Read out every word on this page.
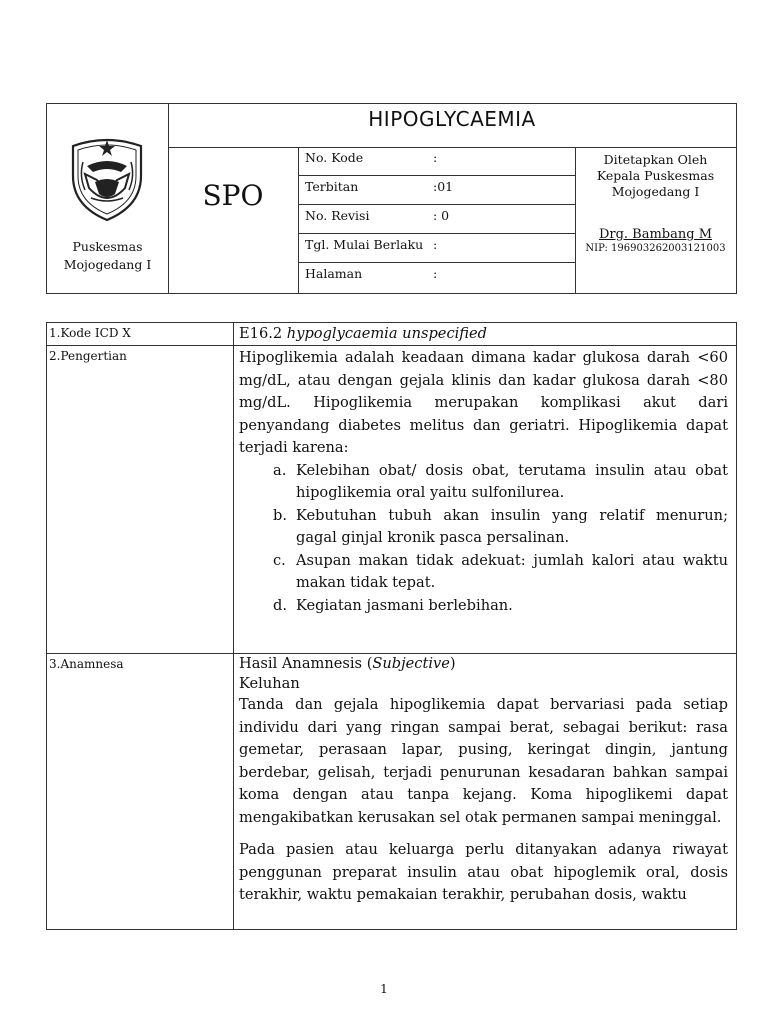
Puskesmas
Mojogedang I
HIPOGLYCAEMIA
SPO
No. Kode	:
Terbitan	:01
No. Revisi	: 0
Tgl. Mulai Berlaku :
Halaman	:
Ditetapkan Oleh
Kepala Puskesmas
Mojogedang I
Drg. Bambang M
NIP: 196903262003121003
1.Kode ICD X	E16.2 hypoglycaemia unspecified
2.Pengertian	Hipoglikemia adalah keadaan dimana kadar glukosa darah <60 mg/dL, atau dengan gejala klinis dan kadar glukosa darah <80 mg/dL. Hipoglikemia merupakan komplikasi akut dari penyandang diabetes melitus dan geriatri. Hipoglikemia dapat terjadi karena:
a. Kelebihan obat/ dosis obat, terutama insulin atau obat hipoglikemia oral yaitu sulfonilurea.
b. Kebutuhan tubuh akan insulin yang relatif menurun; gagal ginjal kronik pasca persalinan.
c. Asupan makan tidak adekuat: jumlah kalori atau waktu makan tidak tepat.
d. Kegiatan jasmani berlebihan.
3.Anamnesa	Hasil Anamnesis (Subjective)
Keluhan
Tanda dan gejala hipoglikemia dapat bervariasi pada setiap individu dari yang ringan sampai berat, sebagai berikut: rasa gemetar, perasaan lapar, pusing, keringat dingin, jantung berdebar, gelisah, terjadi penurunan kesadaran bahkan sampai koma dengan atau tanpa kejang. Koma hipoglikemi dapat mengakibatkan kerusakan sel otak permanen sampai meninggal.
Pada pasien atau keluarga perlu ditanyakan adanya riwayat penggunan preparat insulin atau obat hipoglemik oral, dosis terakhir, waktu pemakaian terakhir, perubahan dosis, waktu
1
